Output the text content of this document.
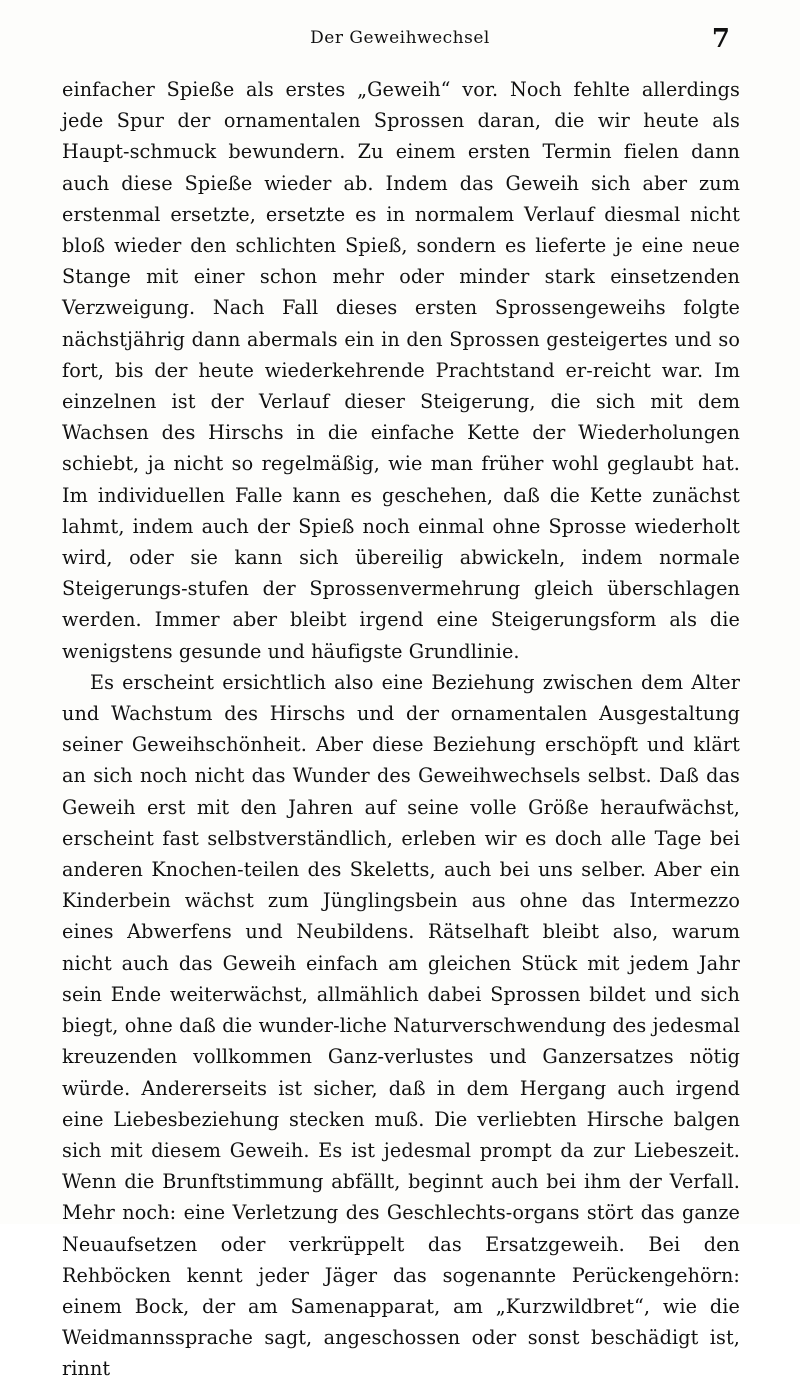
Der Geweihwechsel	7

einfacher Spieße als erstes „Geweih“ vor. Noch fehlte allerdings jede Spur der ornamentalen Sprossen daran, die wir heute als Haupt-schmuck bewundern. Zu einem ersten Termin fielen dann auch diese Spieße wieder ab. Indem das Geweih sich aber zum erstenmal ersetzte, ersetzte es in normalem Verlauf diesmal nicht bloß wieder den schlichten Spieß, sondern es lieferte je eine neue Stange mit einer schon mehr oder minder stark einsetzenden Verzweigung. Nach Fall dieses ersten Sprossengeweihs folgte nächstjährig dann abermals ein in den Sprossen gesteigertes und so fort, bis der heute wiederkehrende Prachtstand er-reicht war. Im einzelnen ist der Verlauf dieser Steigerung, die sich mit dem Wachsen des Hirschs in die einfache Kette der Wiederholungen schiebt, ja nicht so regelmäßig, wie man früher wohl geglaubt hat. Im individuellen Falle kann es geschehen, daß die Kette zunächst lahmt, indem auch der Spieß noch einmal ohne Sprosse wiederholt wird, oder sie kann sich übereilig abwickeln, indem normale Steigerungs-stufen der Sprossenvermehrung gleich überschlagen werden. Immer aber bleibt irgend eine Steigerungsform als die wenigstens gesunde und häufigste Grundlinie.

Es erscheint ersichtlich also eine Beziehung zwischen dem Alter und Wachstum des Hirschs und der ornamentalen Ausgestaltung seiner Geweihschönheit. Aber diese Beziehung erschöpft und klärt an sich noch nicht das Wunder des Geweihwechsels selbst. Daß das Geweih erst mit den Jahren auf seine volle Größe heraufwächst, erscheint fast selbstverständlich, erleben wir es doch alle Tage bei anderen Knochen-teilen des Skeletts, auch bei uns selber. Aber ein Kinderbein wächst zum Jünglingsbein aus ohne das Intermezzo eines Abwerfens und Neubildens. Rätselhaft bleibt also, warum nicht auch das Geweih einfach am gleichen Stück mit jedem Jahr sein Ende weiterwächst, allmählich dabei Sprossen bildet und sich biegt, ohne daß die wunder-liche Naturverschwendung des jedesmal kreuzenden vollkommen Ganz-verlustes und Ganzersatzes nötig würde. Andererseits ist sicher, daß in dem Hergang auch irgend eine Liebesbeziehung stecken muß. Die verliebten Hirsche balgen sich mit diesem Geweih. Es ist jedesmal prompt da zur Liebeszeit. Wenn die Brunftstimmung abfällt, beginnt auch bei ihm der Verfall. Mehr noch: eine Verletzung des Geschlechts-organs stört das ganze Neuaufsetzen oder verkrüppelt das Ersatzgeweih. Bei den Rehböcken kennt jeder Jäger das sogenannte Perückengehörn: einem Bock, der am Samenapparat, am „Kurzwildbret“, wie die Weidmannssprache sagt, angeschossen oder sonst beschädigt ist, rinnt
